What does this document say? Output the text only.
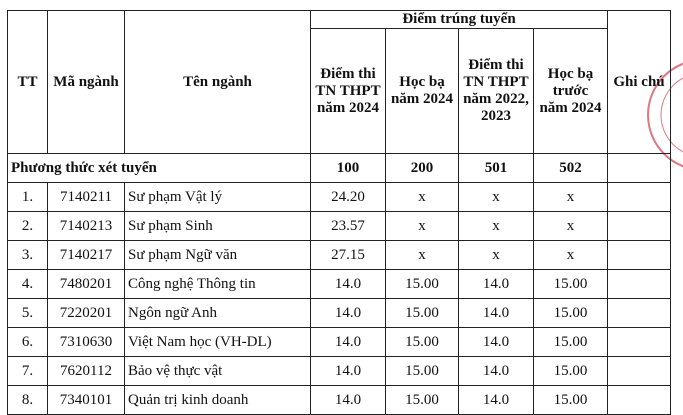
TT	Mã ngành	Tên ngành	Điểm trúng tuyển				Ghi chú
			Điểm thi TN THPT năm 2024	Học bạ năm 2024	Điểm thi TN THPT năm 2022, 2023	Học bạ trước năm 2024	
Phương thức xét tuyển			100	200	501	502	
1.	7140211	Sư phạm Vật lý	24.20	x	x	x	
2.	7140213	Sư phạm Sinh	23.57	x	x	x	
3.	7140217	Sư phạm Ngữ văn	27.15	x	x	x	
4.	7480201	Công nghệ Thông tin	14.0	15.00	14.0	15.00	
5.	7220201	Ngôn ngữ Anh	14.0	15.00	14.0	15.00	
6.	7310630	Việt Nam học (VH-DL)	14.0	15.00	14.0	15.00	
7.	7620112	Bảo vệ thực vật	14.0	15.00	14.0	15.00	
8.	7340101	Quản trị kinh doanh	14.0	15.00	14.0	15.00	
